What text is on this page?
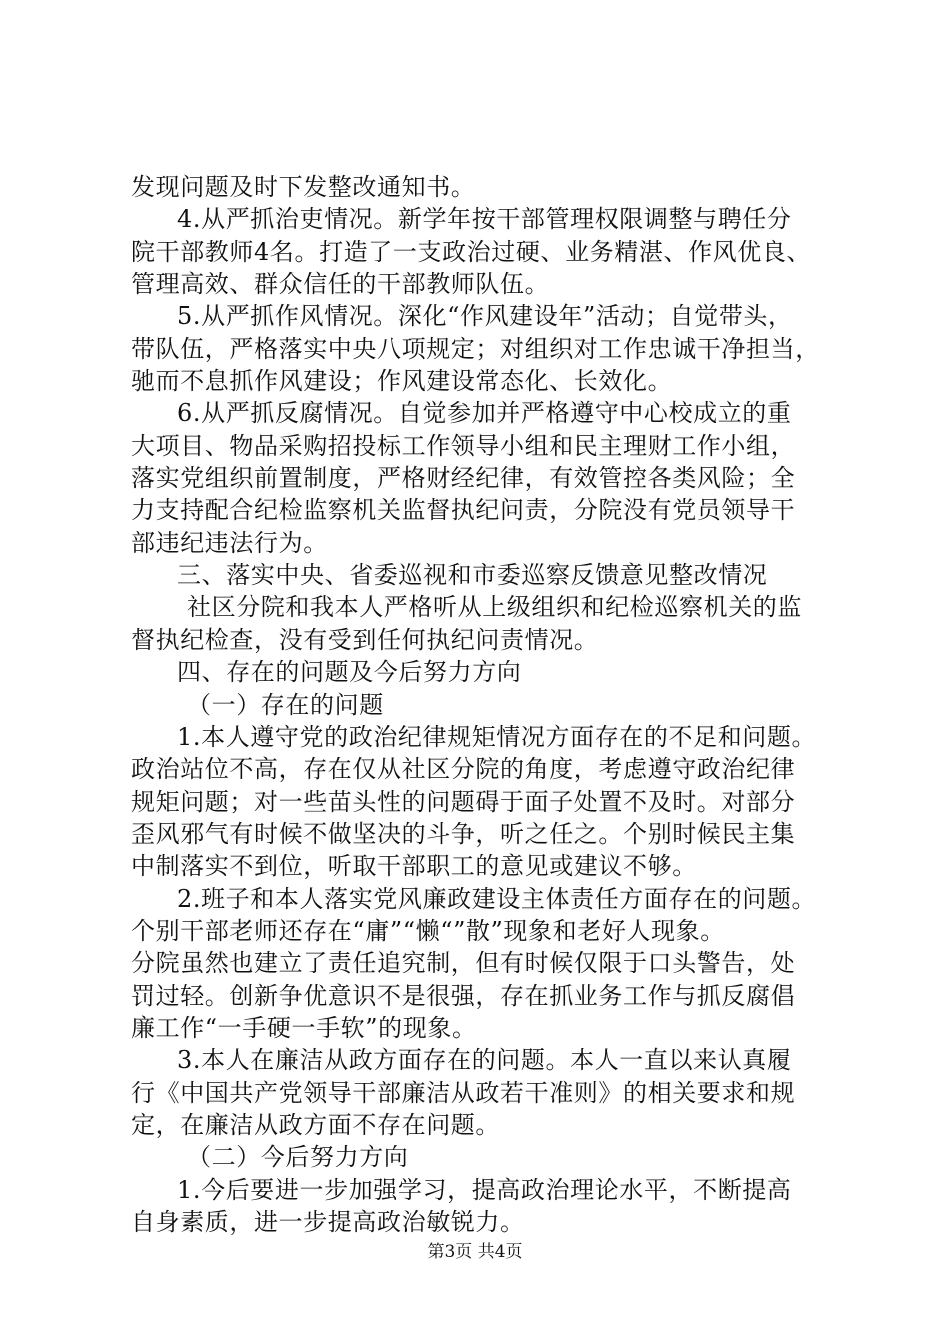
发现问题及时下发整改通知书。
4.从严抓治吏情况。新学年按干部管理权限调整与聘任分
院干部教师4名。打造了一支政治过硬、业务精湛、作风优良、
管理高效、群众信任的干部教师队伍。
5.从严抓作风情况。深化“作风建设年”活动；自觉带头，
带队伍，严格落实中央八项规定；对组织对工作忠诚干净担当，
驰而不息抓作风建设；作风建设常态化、长效化。
6.从严抓反腐情况。自觉参加并严格遵守中心校成立的重
大项目、物品采购招投标工作领导小组和民主理财工作小组，
落实党组织前置制度，严格财经纪律，有效管控各类风险；全
力支持配合纪检监察机关监督执纪问责，分院没有党员领导干
部违纪违法行为。
三、落实中央、省委巡视和市委巡察反馈意见整改情况
社区分院和我本人严格听从上级组织和纪检巡察机关的监
督执纪检查，没有受到任何执纪问责情况。
四、存在的问题及今后努力方向
（一）存在的问题
1.本人遵守党的政治纪律规矩情况方面存在的不足和问题。
政治站位不高，存在仅从社区分院的角度，考虑遵守政治纪律
规矩问题；对一些苗头性的问题碍于面子处置不及时。对部分
歪风邪气有时候不做坚决的斗争，听之任之。个别时候民主集
中制落实不到位，听取干部职工的意见或建议不够。
2.班子和本人落实党风廉政建设主体责任方面存在的问题。
个别干部老师还存在“庸”“懒“”散”现象和老好人现象。
分院虽然也建立了责任追究制，但有时候仅限于口头警告，处
罚过轻。创新争优意识不是很强，存在抓业务工作与抓反腐倡
廉工作“一手硬一手软”的现象。
3.本人在廉洁从政方面存在的问题。本人一直以来认真履
行《中国共产党领导干部廉洁从政若干准则》的相关要求和规
定，在廉洁从政方面不存在问题。
（二）今后努力方向
1.今后要进一步加强学习，提高政治理论水平，不断提高
自身素质，进一步提高政治敏锐力。
第3页 共4页
